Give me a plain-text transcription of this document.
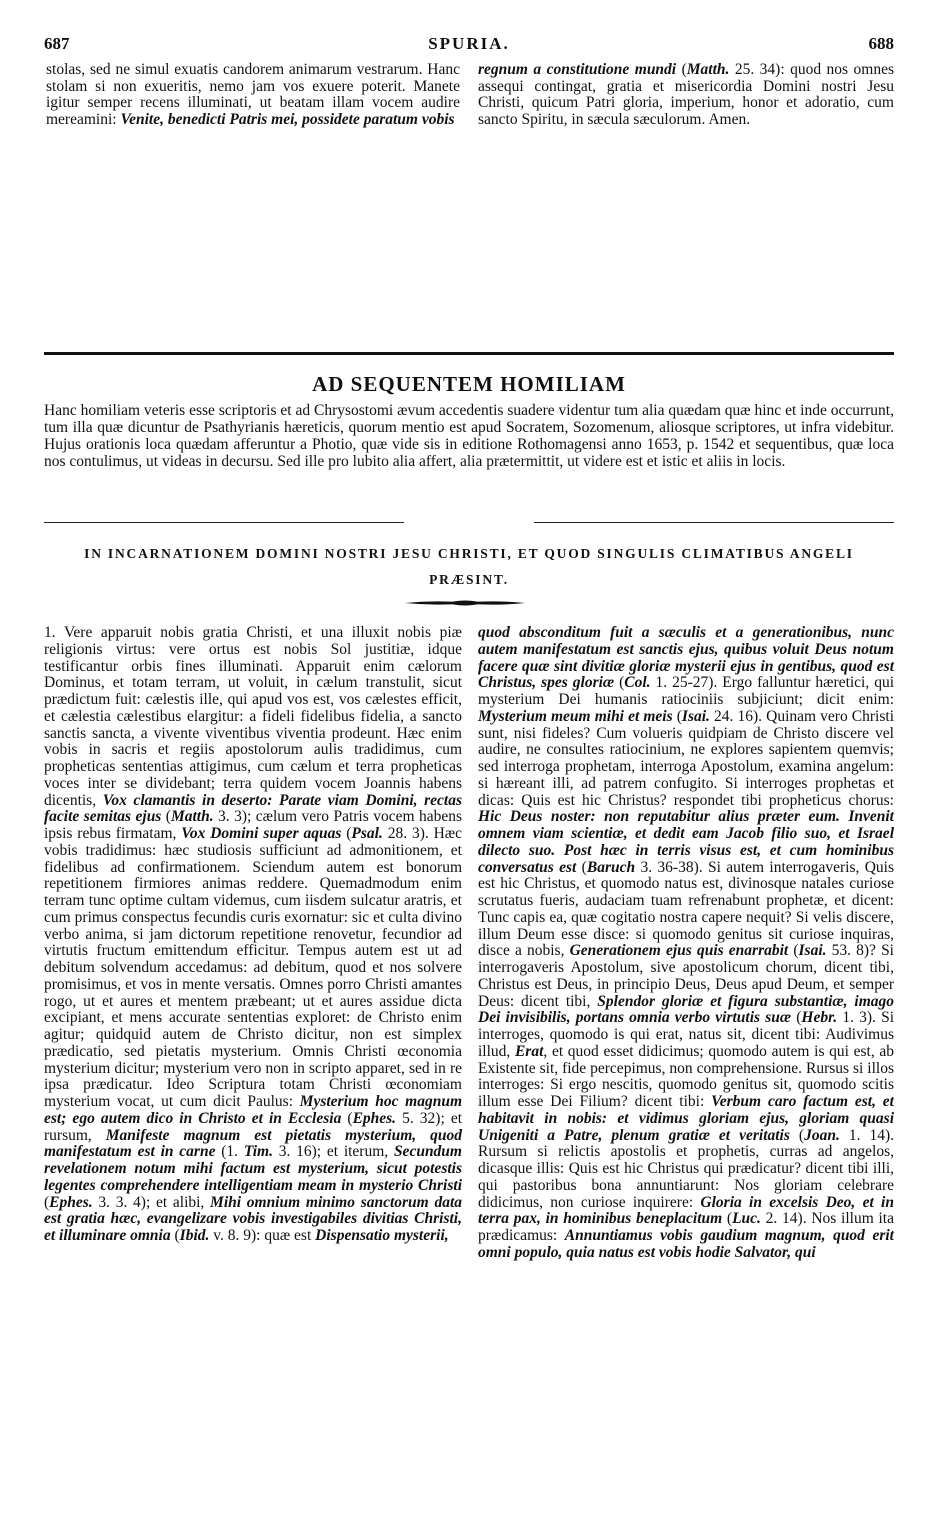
687	SPURIA.	688
stolas, sed ne simul exuatis candorem animarum vestrarum. Hanc stolam si non exueritis, nemo jam vos exuere poterit. Manete igitur semper recens illuminati, ut beatam illam vocem audire mereamini: Venite, benedicti Patris mei, possidete paratum vobis
regnum a constitutione mundi (Matth. 25. 34): quod nos omnes assequi contingat, gratia et misericordia Domini nostri Jesu Christi, quicum Patri gloria, imperium, honor et adoratio, cum sancto Spiritu, in sæcula sæculorum. Amen.
AD SEQUENTEM HOMILIAM

Hanc homiliam veteris esse scriptoris et ad Chrysostomi ævum accedentis suadere videntur tum alia quædam quæ hinc et inde occurrunt, tum illa quæ dicuntur de Psathyrianis hæreticis, quorum mentio est apud Socratem, Sozomenum, aliosque scriptores, ut infra videbitur. Hujus orationis loca quædam afferuntur a Photio, quæ vide sis in editione Rothomagensi anno 1653, p. 1542 et sequentibus, quæ loca nos contulimus, ut videas in decursu. Sed ille pro lubito alia affert, alia prætermittit, ut videre est et istic et aliis in locis.

IN INCARNATIONEM DOMINI NOSTRI JESU CHRISTI, ET QUOD SINGULIS CLIMATIBUS ANGELI PRÆSINT.
1. Vere apparuit nobis gratia Christi, et una illuxit nobis piæ religionis virtus: vere ortus est nobis Sol justitiæ, idque testificantur orbis fines illuminati. Apparuit enim cælorum Dominus, et totam terram, ut voluit, in cælum transtulit, sicut prædictum fuit: cælestis ille, qui apud vos est, vos cælestes efficit, et cælestia cælestibus elargitur: a fideli fidelibus fidelia, a sancto sanctis sancta, a vivente viventibus viventia prodeunt. Hæc enim vobis in sacris et regiis apostolorum aulis tradidimus, cum propheticas sententias attigimus, cum cælum et terra propheticas voces inter se dividebant; terra quidem vocem Joannis habens dicentis, Vox clamantis in deserto: Parate viam Domini, rectas facite semitas ejus (Matth. 3. 3); cælum vero Patris vocem habens ipsis rebus firmatam, Vox Domini super aquas (Psal. 28. 3). Hæc vobis tradidimus: hæc studiosis sufficiunt ad admonitionem, et fidelibus ad confirmationem. Sciendum autem est bonorum repetitionem firmiores animas reddere. Quemadmodum enim terram tunc optime cultam videmus, cum iisdem sulcatur aratris, et cum primus conspectus fecundis curis exornatur: sic et culta divino verbo anima, si jam dictorum repetitione renovetur, fecundior ad virtutis fructum emittendum efficitur. Tempus autem est ut ad debitum solvendum accedamus: ad debitum, quod et nos solvere promisimus, et vos in mente versatis. Omnes porro Christi amantes rogo, ut et aures et mentem præbeant; ut et aures assidue dicta excipiant, et mens accurate sententias exploret: de Christo enim agitur; quidquid autem de Christo dicitur, non est simplex prædicatio, sed pietatis mysterium. Omnis Christi œconomia mysterium dicitur; mysterium vero non in scripto apparet, sed in re ipsa prædicatur. Ideo Scriptura totam Christi œconomiam mysterium vocat, ut cum dicit Paulus: Mysterium hoc magnum est; ego autem dico in Christo et in Ecclesia (Ephes. 5. 32); et rursum, Manifeste magnum est pietatis mysterium, quod manifestatum est in carne (1. Tim. 3. 16); et iterum, Secundum revelationem notum mihi factum est mysterium, sicut potestis legentes comprehendere intelligentiam meam in mysterio Christi (Ephes. 3. 3. 4); et alibi, Mihi omnium minimo sanctorum data est gratia hæc, evangelizare vobis investigabiles divitias Christi, et illuminare omnia (Ibid. v. 8. 9): quæ est Dispensatio mysterii,
quod absconditum fuit a sæculis et a generationibus, nunc autem manifestatum est sanctis ejus, quibus voluit Deus notum facere quæ sint divitiæ gloriæ mysterii ejus in gentibus, quod est Christus, spes gloriæ (Col. 1. 25-27). Ergo falluntur hæretici, qui mysterium Dei humanis ratiociniis subjiciunt; dicit enim: Mysterium meum mihi et meis (Isai. 24. 16). Quinam vero Christi sunt, nisi fideles? Cum volueris quidpiam de Christo discere vel audire, ne consultes ratiocinium, ne explores sapientem quemvis; sed interroga prophetam, interroga Apostolum, examina angelum: si hæreant illi, ad patrem confugito. Si interroges prophetas et dicas: Quis est hic Christus? respondet tibi propheticus chorus: Hic Deus noster: non reputabitur alius præter eum. Invenit omnem viam scientiæ, et dedit eam Jacob filio suo, et Israel dilecto suo. Post hæc in terris visus est, et cum hominibus conversatus est (Baruch 3. 36-38). Si autem interrogaveris, Quis est hic Christus, et quomodo natus est, divinosque natales curiose scrutatus fueris, audaciam tuam refrenabunt prophetæ, et dicent: Tunc capis ea, quæ cogitatio nostra capere nequit? Si velis discere, illum Deum esse disce: si quomodo genitus sit curiose inquiras, disce a nobis, Generationem ejus quis enarrabit (Isai. 53. 8)? Si interrogaveris Apostolum, sive apostolicum chorum, dicent tibi, Christus est Deus, in principio Deus, Deus apud Deum, et semper Deus: dicent tibi, Splendor gloriæ et figura substantiæ, imago Dei invisibilis, portans omnia verbo virtutis suæ (Hebr. 1. 3). Si interroges, quomodo is qui erat, natus sit, dicent tibi: Audivimus illud, Erat, et quod esset didicimus; quomodo autem is qui est, ab Existente sit, fide percepimus, non comprehensione. Rursus si illos interroges: Si ergo nescitis, quomodo genitus sit, quomodo scitis illum esse Dei Filium? dicent tibi: Verbum caro factum est, et habitavit in nobis: et vidimus gloriam ejus, gloriam quasi Unigeniti a Patre, plenum gratiæ et veritatis (Joan. 1. 14). Rursum si relictis apostolis et prophetis, curras ad angelos, dicasque illis: Quis est hic Christus qui prædicatur? dicent tibi illi, qui pastoribus bona annuntiarunt: Nos gloriam celebrare didicimus, non curiose inquirere: Gloria in excelsis Deo, et in terra pax, in hominibus beneplacitum (Luc. 2. 14). Nos illum ita prædicamus: Annuntiamus vobis gaudium magnum, quod erit omni populo, quia natus est vobis hodie Salvator, qui
